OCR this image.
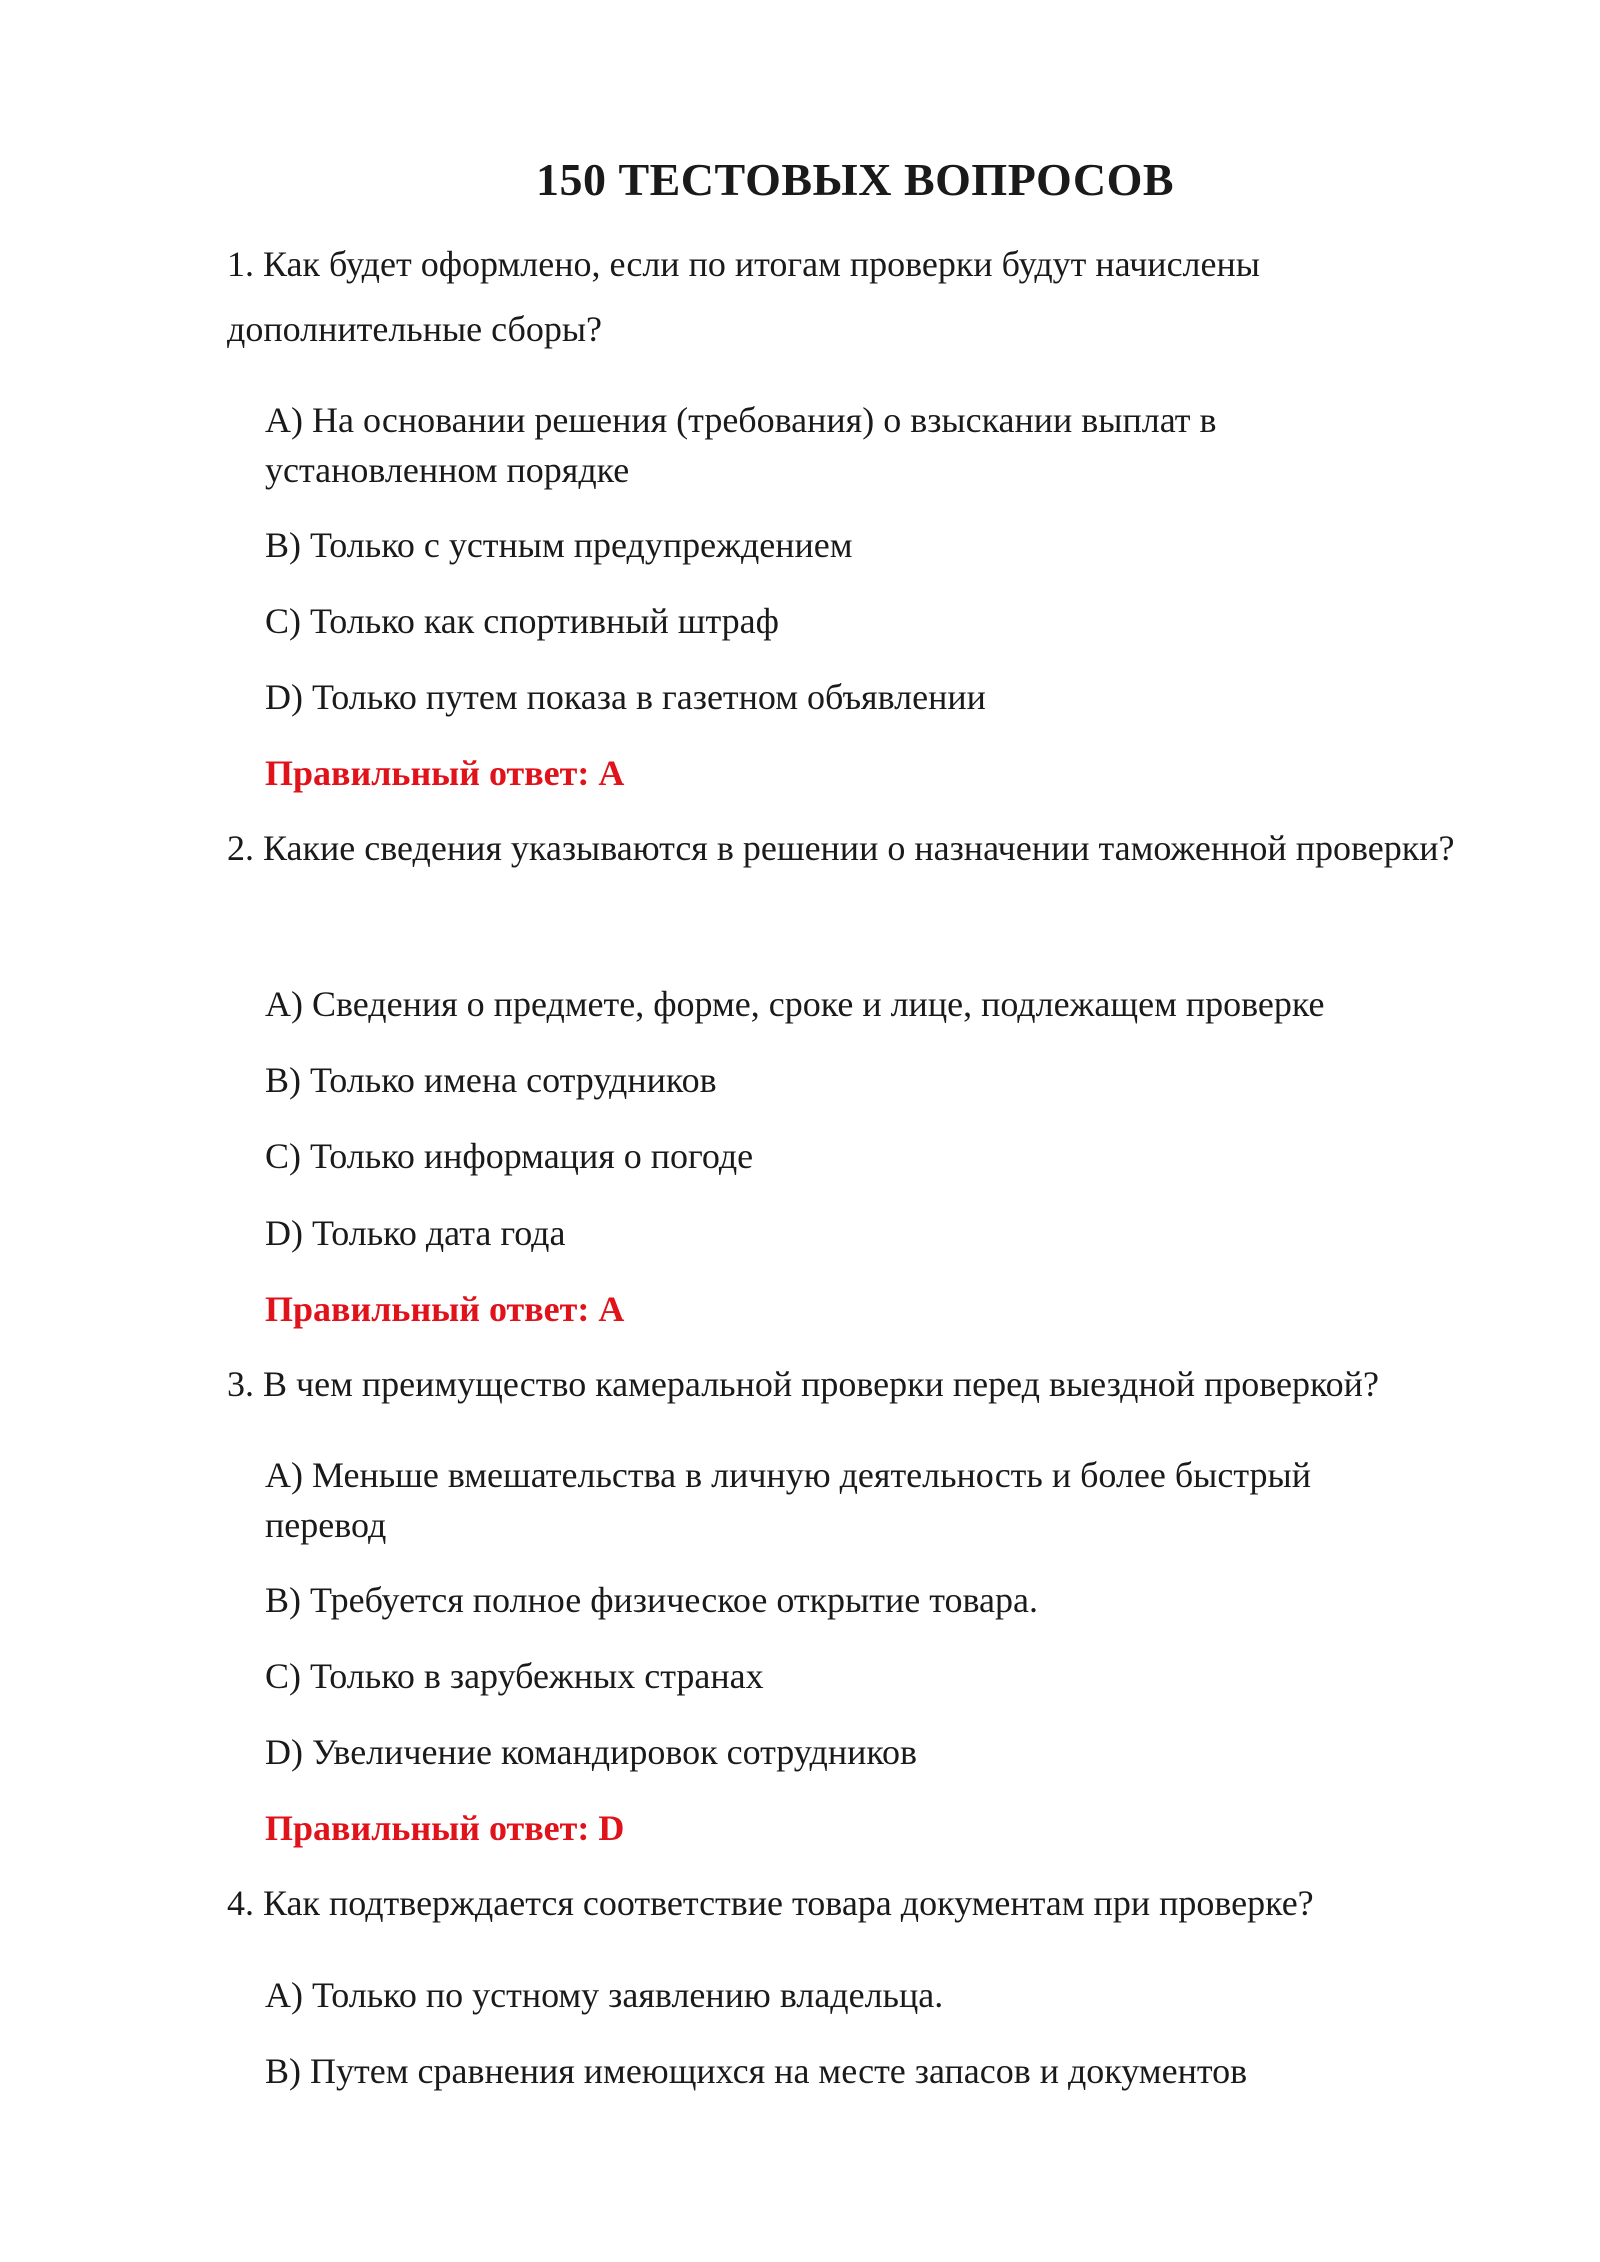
150 ТЕСТОВЫХ ВОПРОСОВ
1. Как будет оформлено, если по итогам проверки будут начислены дополнительные сборы?
A) На основании решения (требования) о взыскании выплат в установленном порядке
B) Только с устным предупреждением
C) Только как спортивный штраф
D) Только путем показа в газетном объявлении
Правильный ответ: A
2. Какие сведения указываются в решении о назначении таможенной проверки?
A) Сведения о предмете, форме, сроке и лице, подлежащем проверке
B) Только имена сотрудников
C) Только информация о погоде
D) Только дата года
Правильный ответ: A
3. В чем преимущество камеральной проверки перед выездной проверкой?
A) Меньше вмешательства в личную деятельность и более быстрый перевод
B) Требуется полное физическое открытие товара.
C) Только в зарубежных странах
D) Увеличение командировок сотрудников
Правильный ответ: D
4. Как подтверждается соответствие товара документам при проверке?
A) Только по устному заявлению владельца.
B) Путем сравнения имеющихся на месте запасов и документов
